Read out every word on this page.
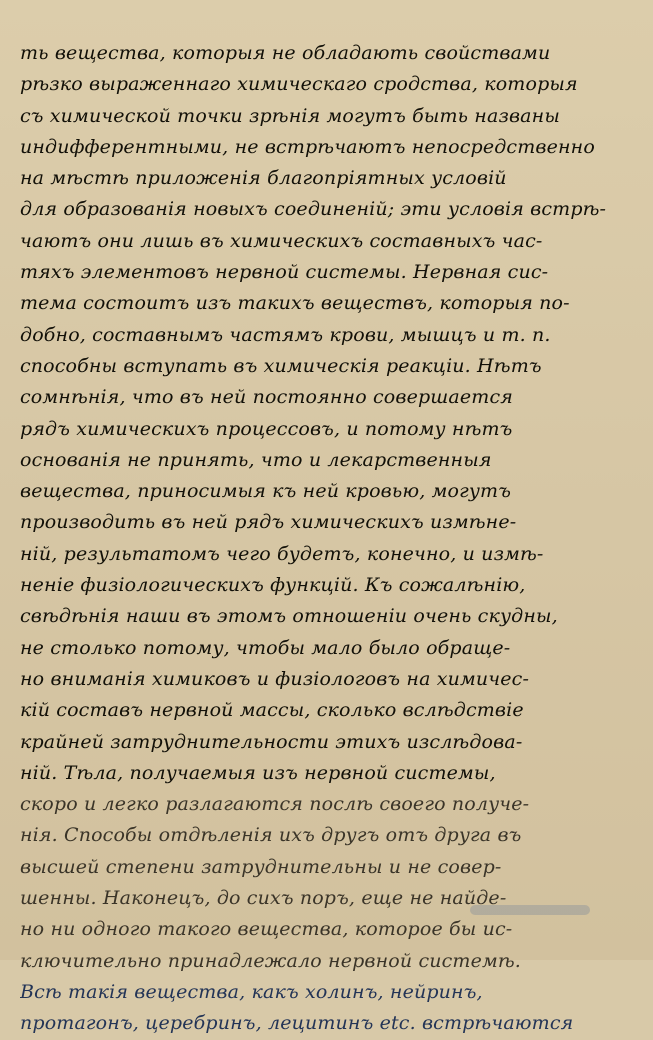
ть вещества, которыя не обладають свойствами
рѣзко выраженнаго химическаго сродства, которыя
съ химической точки зрѣнія могутъ быть названы
индифферентными, не встрѣчаютъ непосредственно
на мѣстѣ приложенія благопріятных условій
для образованія новыхъ соединеній; эти условія встрѣ-
чаютъ они лишь въ химическихъ составныхъ час-
тяхъ элементовъ нервной системы. Нервная сис-
тема состоитъ изъ такихъ веществъ, которыя по-
добно, составнымъ частямъ крови, мышцъ и т. п.
способны вступать въ химическія реакціи. Нѣтъ
сомнѣнія, что въ ней постоянно совершается
рядъ химическихъ процессовъ, и потому нѣтъ
основанія не принять, что и лекарственныя
вещества, приносимыя къ ней кровью, могутъ
производить въ ней рядъ химическихъ измѣне-
ній, результатомъ чего будетъ, конечно, и измѣ-
неніе физіологическихъ функцій. Къ сожалѣнію,
свѣдѣнія наши въ этомъ отношеніи очень скудны,
не столько потому, чтобы мало было обраще-
но вниманія химиковъ и физіологовъ на химичес-
кій составъ нервной массы, сколько вслѣдствіе
крайней затруднительности этихъ изслѣдова-
ній. Тѣла, получаемыя изъ нервной системы,
скоро и легко разлагаются послѣ своего получе-
нія. Способы отдѣленія ихъ другъ отъ друга въ
высшей степени затруднительны и не совер-
шенны. Наконецъ, до сихъ поръ, еще не найде-
но ни одного такого вещества, которое бы ис-
ключительно принадлежало нервной системѣ.
Всѣ такія вещества, какъ холинъ, нейринъ,
протагонъ, церебринъ, лецитинъ etc. встрѣчаются
